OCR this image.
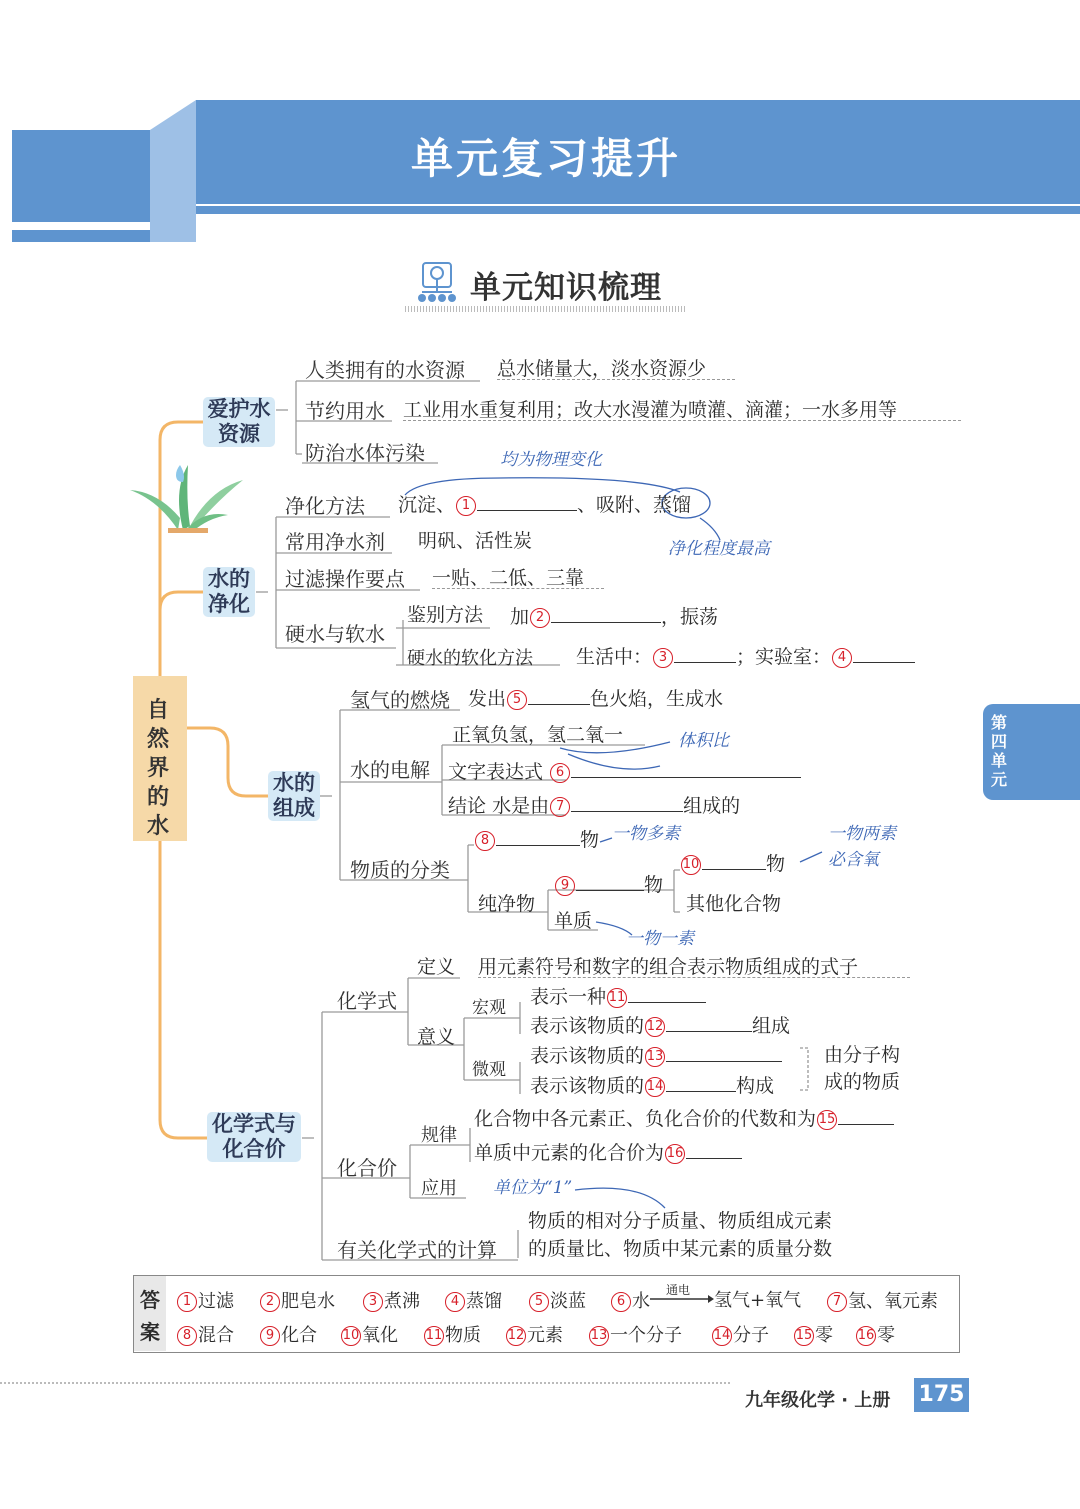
单元复习提升
单元知识梳理
自然界的水
爱护水资源
水的净化
水的组成
化学式与化合价
人类拥有的水资源 总水储量大，淡水资源少
节约用水 工业用水重复利用；改大水漫灌为喷灌、滴灌；一水多用等
防治水体污染	均为物理变化
净化方法 沉淀、 1	、吸附、蒸馏
净化程度最高
常用净水剂 明矾、活性炭
过滤操作要点 一贴、二低、三靠
硬水与软水
鉴别方法 加 2	，振荡
硬水的软化方法 生活中： 3	；实验室： 4
氢气的燃烧 发出 5	色火焰，生成水
水的电解
正氧负氢，氢二氧一	体积比
文字表达式 6
结论 水是由 7	组成的
物质的分类
8	物 一物多素
纯净物
9	物
10	物
一物两素
必含氧
其他化合物
单质
一物一素
化学式
定义 用元素符号和数字的组合表示物质组成的式子
意义
宏观
微观
表示一种 11
表示该物质的 12	组成
表示该物质的 13
表示该物质的 14	构成
由分子构
成的物质
化合价
规律
化合物中各元素正、负化合价的代数和为 15
单质中元素的化合价为 16
应用 单位为“1”
有关化学式的计算
物质的相对分子质量、物质组成元素
的质量比、物质中某元素的质量分数
答案
1 过滤	2 肥皂水	3 煮沸	4 蒸馏	5 淡蓝	6 水
通电 氢气+氧气	7 氢、氧元素
8 混合	9 化合 10 氧化 11 物质 12 元素 13 一个分子 14 分子 15 零 16 零
第四单元
九年级化学 · 上册 175
